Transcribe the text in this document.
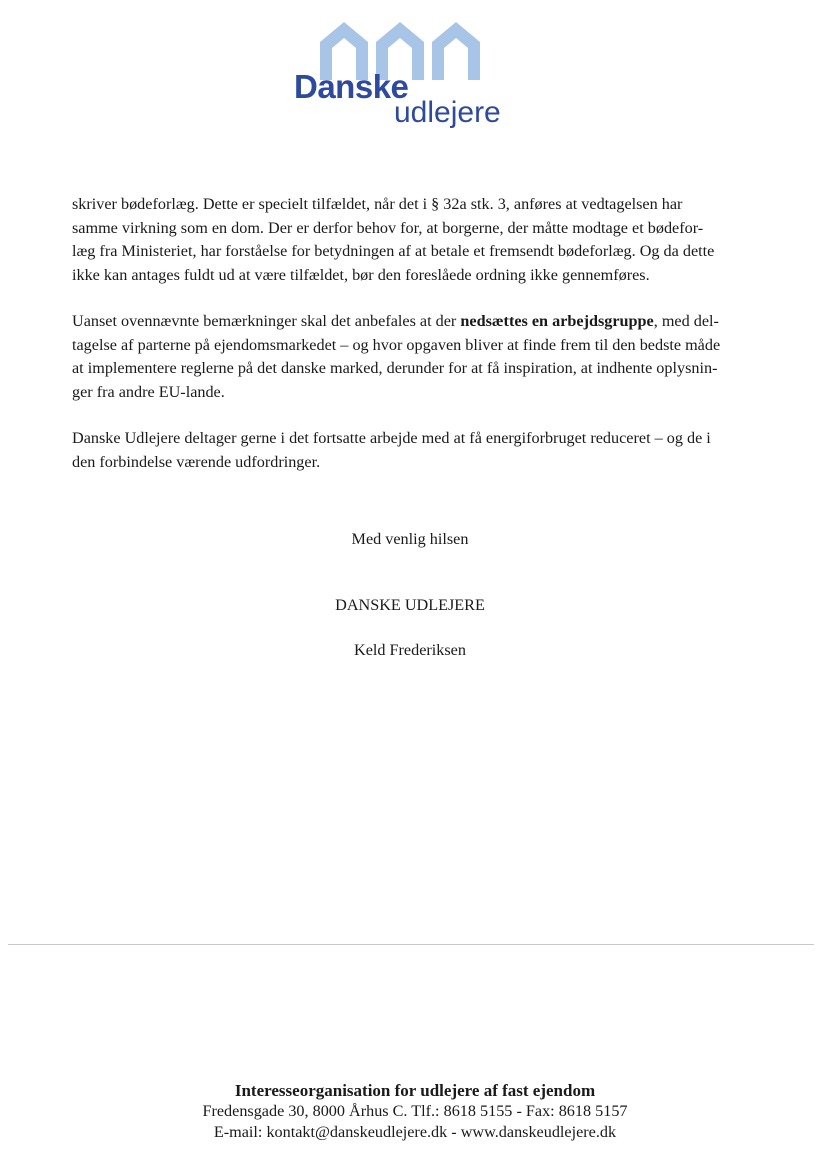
Danske
udlejere

skriver bødeforlæg. Dette er specielt tilfældet, når det i § 32a stk. 3, anføres at vedtagelsen har
samme virkning som en dom. Der er derfor behov for, at borgerne, der måtte modtage et bødefor-
læg fra Ministeriet, har forståelse for betydningen af at betale et fremsendt bødeforlæg. Og da dette
ikke kan antages fuldt ud at være tilfældet, bør den foreslåede ordning ikke gennemføres.

Uanset ovennævnte bemærkninger skal det anbefales at der nedsættes en arbejdsgruppe, med del-
tagelse af parterne på ejendomsmarkedet – og hvor opgaven bliver at finde frem til den bedste måde
at implementere reglerne på det danske marked, derunder for at få inspiration, at indhente oplysnin-
ger fra andre EU-lande.

Danske Udlejere deltager gerne i det fortsatte arbejde med at få energiforbruget reduceret – og de i
den forbindelse værende udfordringer.

Med venlig hilsen
DANSKE UDLEJERE
Keld Frederiksen
Interesseorganisation for udlejere af fast ejendom
Fredensgade 30, 8000 Århus C. Tlf.: 8618 5155 - Fax: 8618 5157
E-mail: kontakt@danskeudlejere.dk - www.danskeudlejere.dk
